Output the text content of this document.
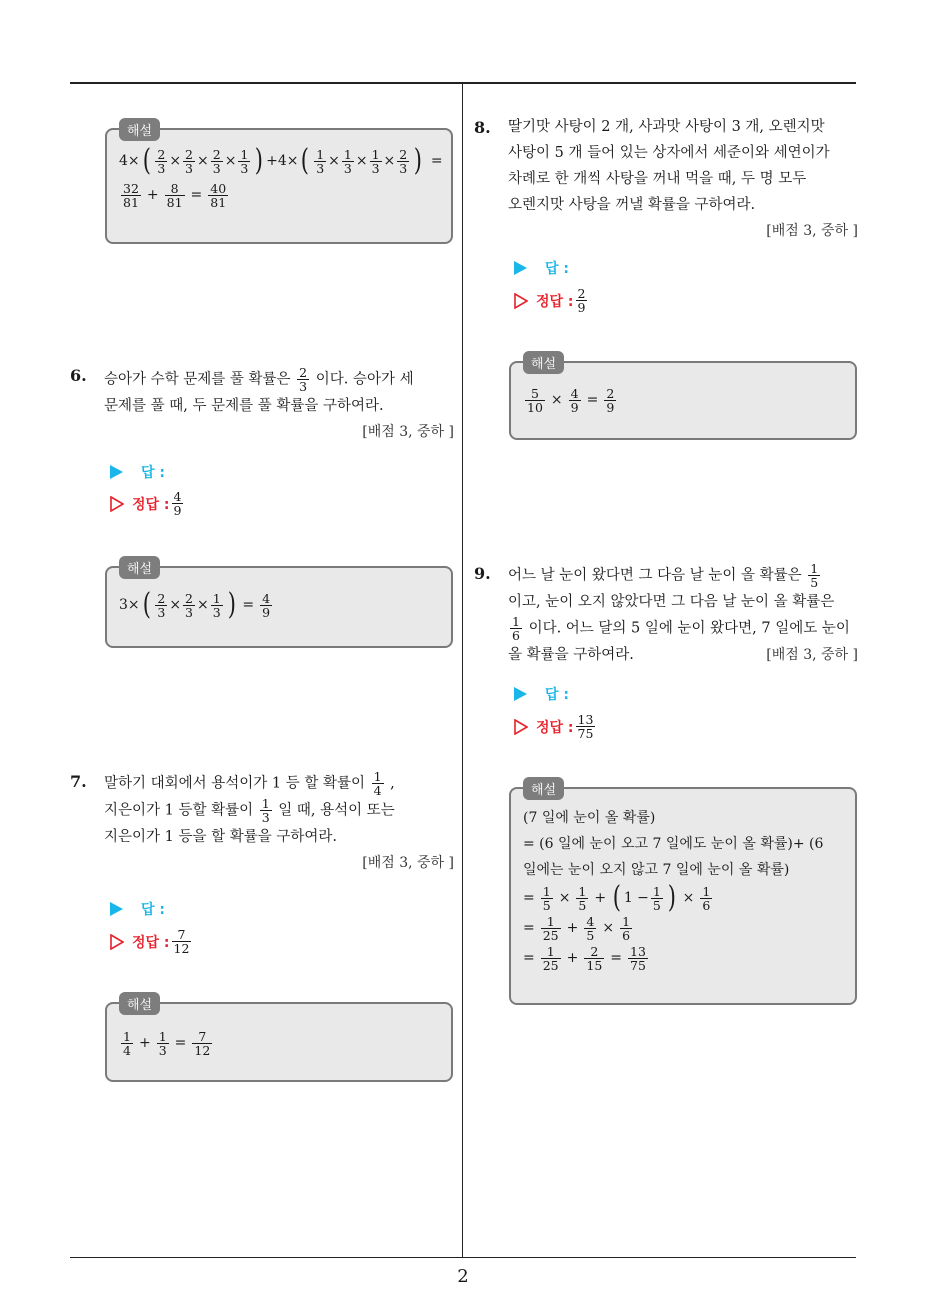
2
해설
4× ( $\frac{2}{3} \times \frac{2}{3} \times \frac{2}{3} \times \frac{1}{3}$ ) +4× ( $\frac{1}{3} \times \frac{1}{3} \times \frac{1}{3} \times \frac{2}{3}$ ) =
$\frac{32}{81} + \frac{8}{81} = \frac{40}{81}$
6. 승아가 수학 문제를 풀 확률은 $\frac{2}{3}$ 이다. 승아가 세
문제를 풀 때, 두 문제를 풀 확률을 구하여라.
[배점 3, 중하 ]
답 :
정답 : $\frac{4}{9}$
해설
3× ( $\frac{2}{3} \times \frac{2}{3} \times \frac{1}{3}$ ) = $\frac{4}{9}$
7. 말하기 대회에서 용석이가 1 등 할 확률이 $\frac{1}{4}$ ,
지은이가 1 등할 확률이 $\frac{1}{3}$ 일 때, 용석이 또는
지은이가 1 등을 할 확률을 구하여라.
[배점 3, 중하 ]
답 :
정답 : $\frac{7}{12}$
해설
$\frac{1}{4} + \frac{1}{3} = \frac{7}{12}$
8. 딸기맛 사탕이 2 개, 사과맛 사탕이 3 개, 오렌지맛
사탕이 5 개 들어 있는 상자에서 세준이와 세연이가
차례로 한 개씩 사탕을 꺼내 먹을 때, 두 명 모두
오렌지맛 사탕을 꺼낼 확률을 구하여라.
[배점 3, 중하 ]
답 :
정답 : $\frac{2}{9}$
해설
$\frac{5}{10} \times \frac{4}{9} = \frac{2}{9}$
9. 어느 날 눈이 왔다면 그 다음 날 눈이 올 확률은 $\frac{1}{5}$
이고, 눈이 오지 않았다면 그 다음 날 눈이 올 확률은
$\frac{1}{6}$ 이다. 어느 달의 5 일에 눈이 왔다면, 7 일에도 눈이
올 확률을 구하여라.	[배점 3, 중하 ]
답 :
정답 : $\frac{13}{75}$
해설
(7 일에 눈이 올 확률)
= (6 일에 눈이 오고 7 일에도 눈이 올 확률)+ (6
일에는 눈이 오지 않고 7 일에 눈이 올 확률)
= $\frac{1}{5} \times \frac{1}{5}$ + ( $1 - \frac{1}{5}$ ) × $\frac{1}{6}$
= $\frac{1}{25} + \frac{4}{5} \times \frac{1}{6}$
= $\frac{1}{25} + \frac{2}{15} = \frac{13}{75}$
